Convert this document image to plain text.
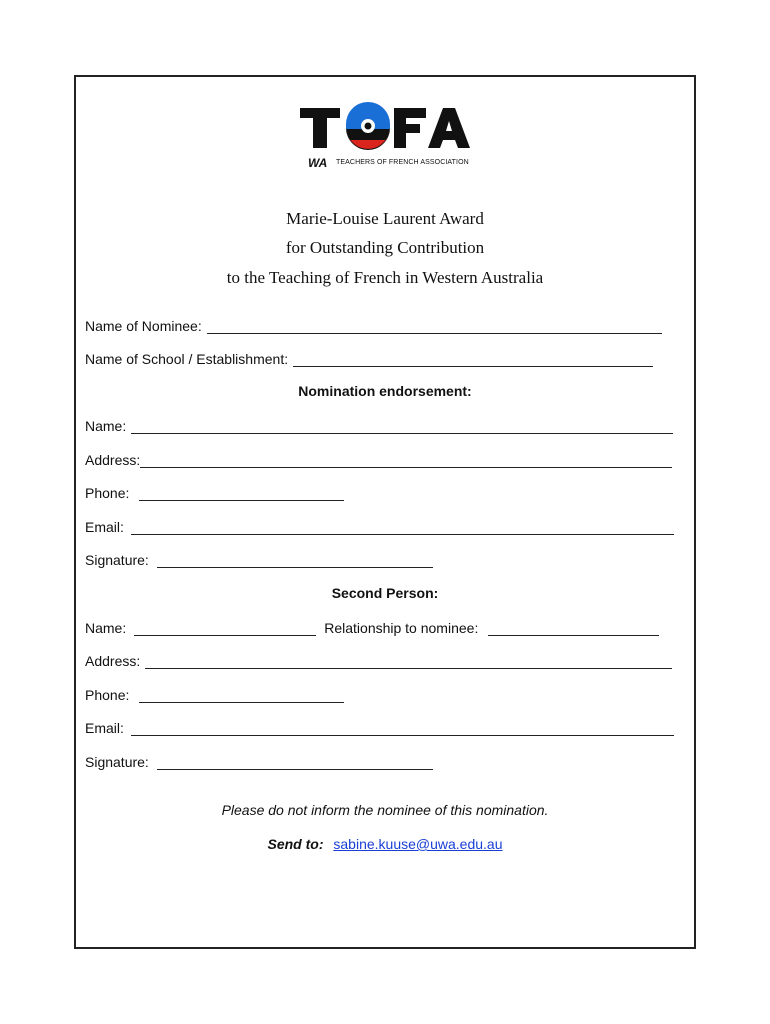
WA TEACHERS OF FRENCH ASSOCIATION
Marie-Louise Laurent Award
for Outstanding Contribution
to the Teaching of French in Western Australia
Name of Nominee:
Name of School / Establishment:
Nomination endorsement:
Name:
Address:
Phone:
Email:
Signature:
Second Person:
Name:	Relationship to nominee:
Address:
Phone:
Email:
Signature:
Please do not inform the nominee of this nomination.
Send to: sabine.kuuse@uwa.edu.au
